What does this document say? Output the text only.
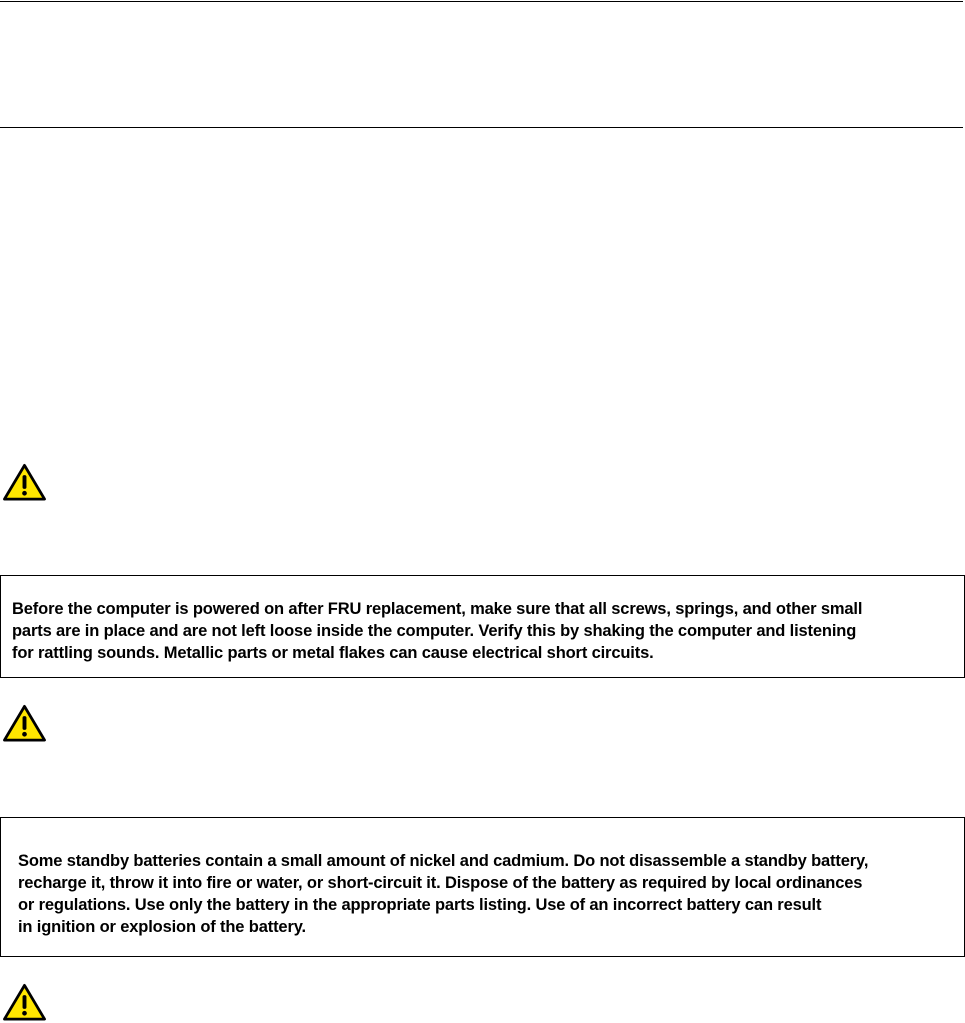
Before the computer is powered on after FRU replacement, make sure that all screws, springs, and other small

parts are in place and are not left loose inside the computer. Verify this by shaking the computer and listening

for rattling sounds. Metallic parts or metal flakes can cause electrical short circuits.

Some standby batteries contain a small amount of nickel and cadmium. Do not disassemble a standby battery,

recharge it, throw it into fire or water, or short-circuit it. Dispose of the battery as required by local ordinances

or regulations. Use only the battery in the appropriate parts listing. Use of an incorrect battery can result

in ignition or explosion of the battery.
